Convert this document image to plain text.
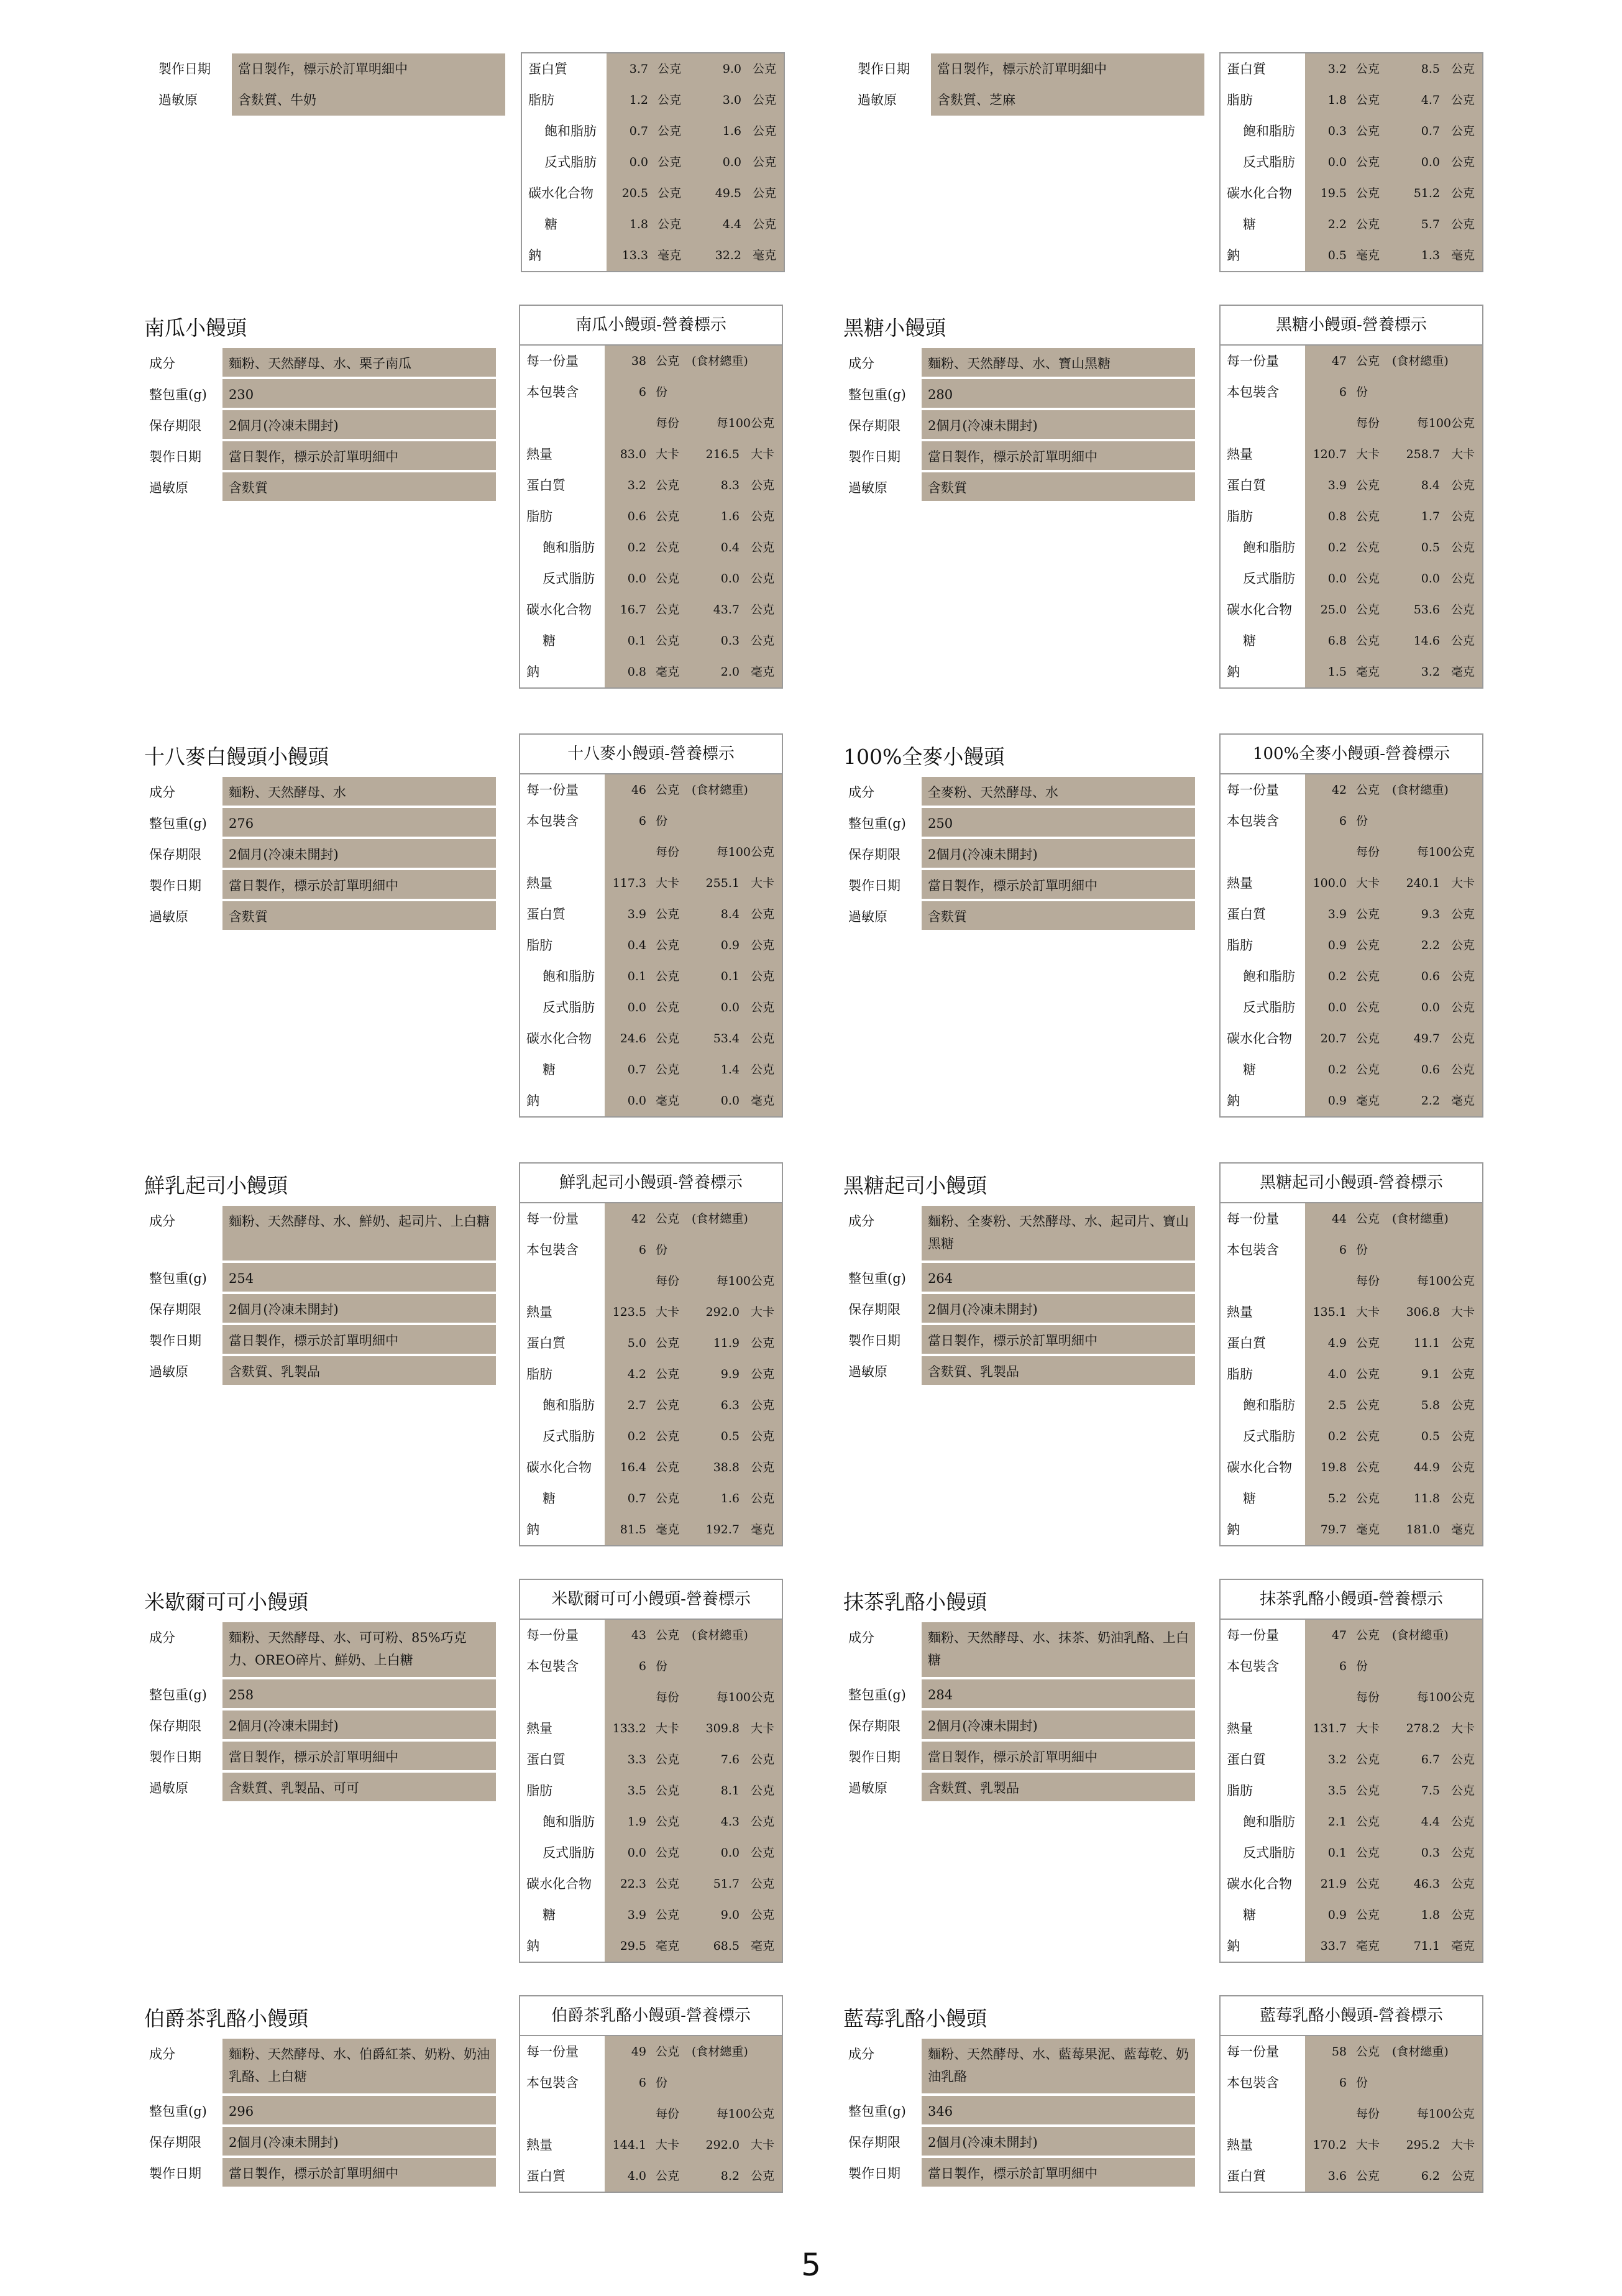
製作日期	當日製作，標示於訂單明細中
過敏原	含麩質、牛奶
蛋白質	3.7 公克	9.0 公克
脂肪	1.2 公克	3.0 公克
飽和脂肪	0.7 公克	1.6 公克
反式脂肪	0.0 公克	0.0 公克
碳水化合物 20.5 公克	49.5 公克
糖	1.8 公克	4.4 公克
鈉	13.3 毫克	32.2 毫克
製作日期	當日製作，標示於訂單明細中
過敏原	含麩質、芝麻
蛋白質	3.2 公克	8.5 公克
脂肪	1.8 公克	4.7 公克
飽和脂肪	0.3 公克	0.7 公克
反式脂肪	0.0 公克	0.0 公克
碳水化合物 19.5 公克	51.2 公克
糖	2.2 公克	5.7 公克
鈉	0.5 毫克	1.3 毫克
南瓜小饅頭
成分	麵粉、天然酵母、水、栗子南瓜
整包重(g)	230
保存期限	2個月(冷凍未開封)
製作日期	當日製作，標示於訂單明細中
過敏原	含麩質
南瓜小饅頭-營養標示
每一份量	38 公克 (食材總重)
本包裝含	6 份
每份	每100公克
熱量	83.0 大卡 216.5 大卡
蛋白質	3.2 公克	8.3 公克
脂肪	0.6 公克	1.6 公克
飽和脂肪	0.2 公克	0.4 公克
反式脂肪	0.0 公克	0.0 公克
碳水化合物 16.7 公克	43.7 公克
糖	0.1 公克	0.3 公克
鈉	0.8 毫克	2.0 毫克
黑糖小饅頭
成分	麵粉、天然酵母、水、寶山黑糖
整包重(g)	280
保存期限	2個月(冷凍未開封)
製作日期	當日製作，標示於訂單明細中
過敏原	含麩質
黑糖小饅頭-營養標示
每一份量	47 公克 (食材總重)
本包裝含	6 份
每份	每100公克
熱量	120.7 大卡 258.7 大卡
蛋白質	3.9 公克	8.4 公克
脂肪	0.8 公克	1.7 公克
飽和脂肪	0.2 公克	0.5 公克
反式脂肪	0.0 公克	0.0 公克
碳水化合物 25.0 公克	53.6 公克
糖	6.8 公克	14.6 公克
鈉	1.5 毫克	3.2 毫克
十八麥白饅頭小饅頭
成分	麵粉、天然酵母、水
整包重(g)	276
保存期限	2個月(冷凍未開封)
製作日期	當日製作，標示於訂單明細中
過敏原	含麩質
十八麥小饅頭-營養標示
每一份量	46 公克 (食材總重)
本包裝含	6 份
每份	每100公克
熱量	117.3 大卡 255.1 大卡
蛋白質	3.9 公克	8.4 公克
脂肪	0.4 公克	0.9 公克
飽和脂肪	0.1 公克	0.1 公克
反式脂肪	0.0 公克	0.0 公克
碳水化合物 24.6 公克	53.4 公克
糖	0.7 公克	1.4 公克
鈉	0.0 毫克	0.0 毫克
100%全麥小饅頭
成分	全麥粉、天然酵母、水
整包重(g)	250
保存期限	2個月(冷凍未開封)
製作日期	當日製作，標示於訂單明細中
過敏原	含麩質
100%全麥小饅頭-營養標示
每一份量	42 公克 (食材總重)
本包裝含	6 份
每份	每100公克
熱量	100.0 大卡 240.1 大卡
蛋白質	3.9 公克	9.3 公克
脂肪	0.9 公克	2.2 公克
飽和脂肪	0.2 公克	0.6 公克
反式脂肪	0.0 公克	0.0 公克
碳水化合物 20.7 公克	49.7 公克
糖	0.2 公克	0.6 公克
鈉	0.9 毫克	2.2 毫克
鮮乳起司小饅頭
成分	麵粉、天然酵母、水、鮮奶、起司片、上白糖
整包重(g)	254
保存期限	2個月(冷凍未開封)
製作日期	當日製作，標示於訂單明細中
過敏原	含麩質、乳製品
鮮乳起司小饅頭-營養標示
每一份量	42 公克 (食材總重)
本包裝含	6 份
每份	每100公克
熱量	123.5 大卡 292.0 大卡
蛋白質	5.0 公克	11.9 公克
脂肪	4.2 公克	9.9 公克
飽和脂肪	2.7 公克	6.3 公克
反式脂肪	0.2 公克	0.5 公克
碳水化合物 16.4 公克	38.8 公克
糖	0.7 公克	1.6 公克
鈉	81.5 毫克 192.7 毫克
黑糖起司小饅頭
成分	麵粉、全麥粉、天然酵母、水、起司片、寶山黑糖
整包重(g)	264
保存期限	2個月(冷凍未開封)
製作日期	當日製作，標示於訂單明細中
過敏原	含麩質、乳製品
黑糖起司小饅頭-營養標示
每一份量	44 公克 (食材總重)
本包裝含	6 份
每份	每100公克
熱量	135.1 大卡 306.8 大卡
蛋白質	4.9 公克	11.1 公克
脂肪	4.0 公克	9.1 公克
飽和脂肪	2.5 公克	5.8 公克
反式脂肪	0.2 公克	0.5 公克
碳水化合物 19.8 公克	44.9 公克
糖	5.2 公克	11.8 公克
鈉	79.7 毫克 181.0 毫克
米歇爾可可小饅頭
成分	麵粉、天然酵母、水、可可粉、85%巧克力、OREO碎片、鮮奶、上白糖
整包重(g)	258
保存期限	2個月(冷凍未開封)
製作日期	當日製作，標示於訂單明細中
過敏原	含麩質、乳製品、可可
米歇爾可可小饅頭-營養標示
每一份量	43 公克 (食材總重)
本包裝含	6 份
每份	每100公克
熱量	133.2 大卡 309.8 大卡
蛋白質	3.3 公克	7.6 公克
脂肪	3.5 公克	8.1 公克
飽和脂肪	1.9 公克	4.3 公克
反式脂肪	0.0 公克	0.0 公克
碳水化合物 22.3 公克	51.7 公克
糖	3.9 公克	9.0 公克
鈉	29.5 毫克	68.5 毫克
抹茶乳酪小饅頭
成分	麵粉、天然酵母、水、抹茶、奶油乳酪、上白糖
整包重(g)	284
保存期限	2個月(冷凍未開封)
製作日期	當日製作，標示於訂單明細中
過敏原	含麩質、乳製品
抹茶乳酪小饅頭-營養標示
每一份量	47 公克 (食材總重)
本包裝含	6 份
每份	每100公克
熱量	131.7 大卡 278.2 大卡
蛋白質	3.2 公克	6.7 公克
脂肪	3.5 公克	7.5 公克
飽和脂肪	2.1 公克	4.4 公克
反式脂肪	0.1 公克	0.3 公克
碳水化合物 21.9 公克	46.3 公克
糖	0.9 公克	1.8 公克
鈉	33.7 毫克	71.1 毫克
伯爵茶乳酪小饅頭
成分	麵粉、天然酵母、水、伯爵紅茶、奶粉、奶油乳酪、上白糖
整包重(g)	296
保存期限	2個月(冷凍未開封)
製作日期	當日製作，標示於訂單明細中
伯爵茶乳酪小饅頭-營養標示
每一份量	49 公克 (食材總重)
本包裝含	6 份
每份	每100公克
熱量	144.1 大卡 292.0 大卡
蛋白質	4.0 公克	8.2 公克
藍莓乳酪小饅頭
成分	麵粉、天然酵母、水、藍莓果泥、藍莓乾、奶油乳酪
整包重(g)	346
保存期限	2個月(冷凍未開封)
製作日期	當日製作，標示於訂單明細中
藍莓乳酪小饅頭-營養標示
每一份量	58 公克 (食材總重)
本包裝含	6 份
每份	每100公克
熱量	170.2 大卡 295.2 大卡
蛋白質	3.6 公克	6.2 公克
5
